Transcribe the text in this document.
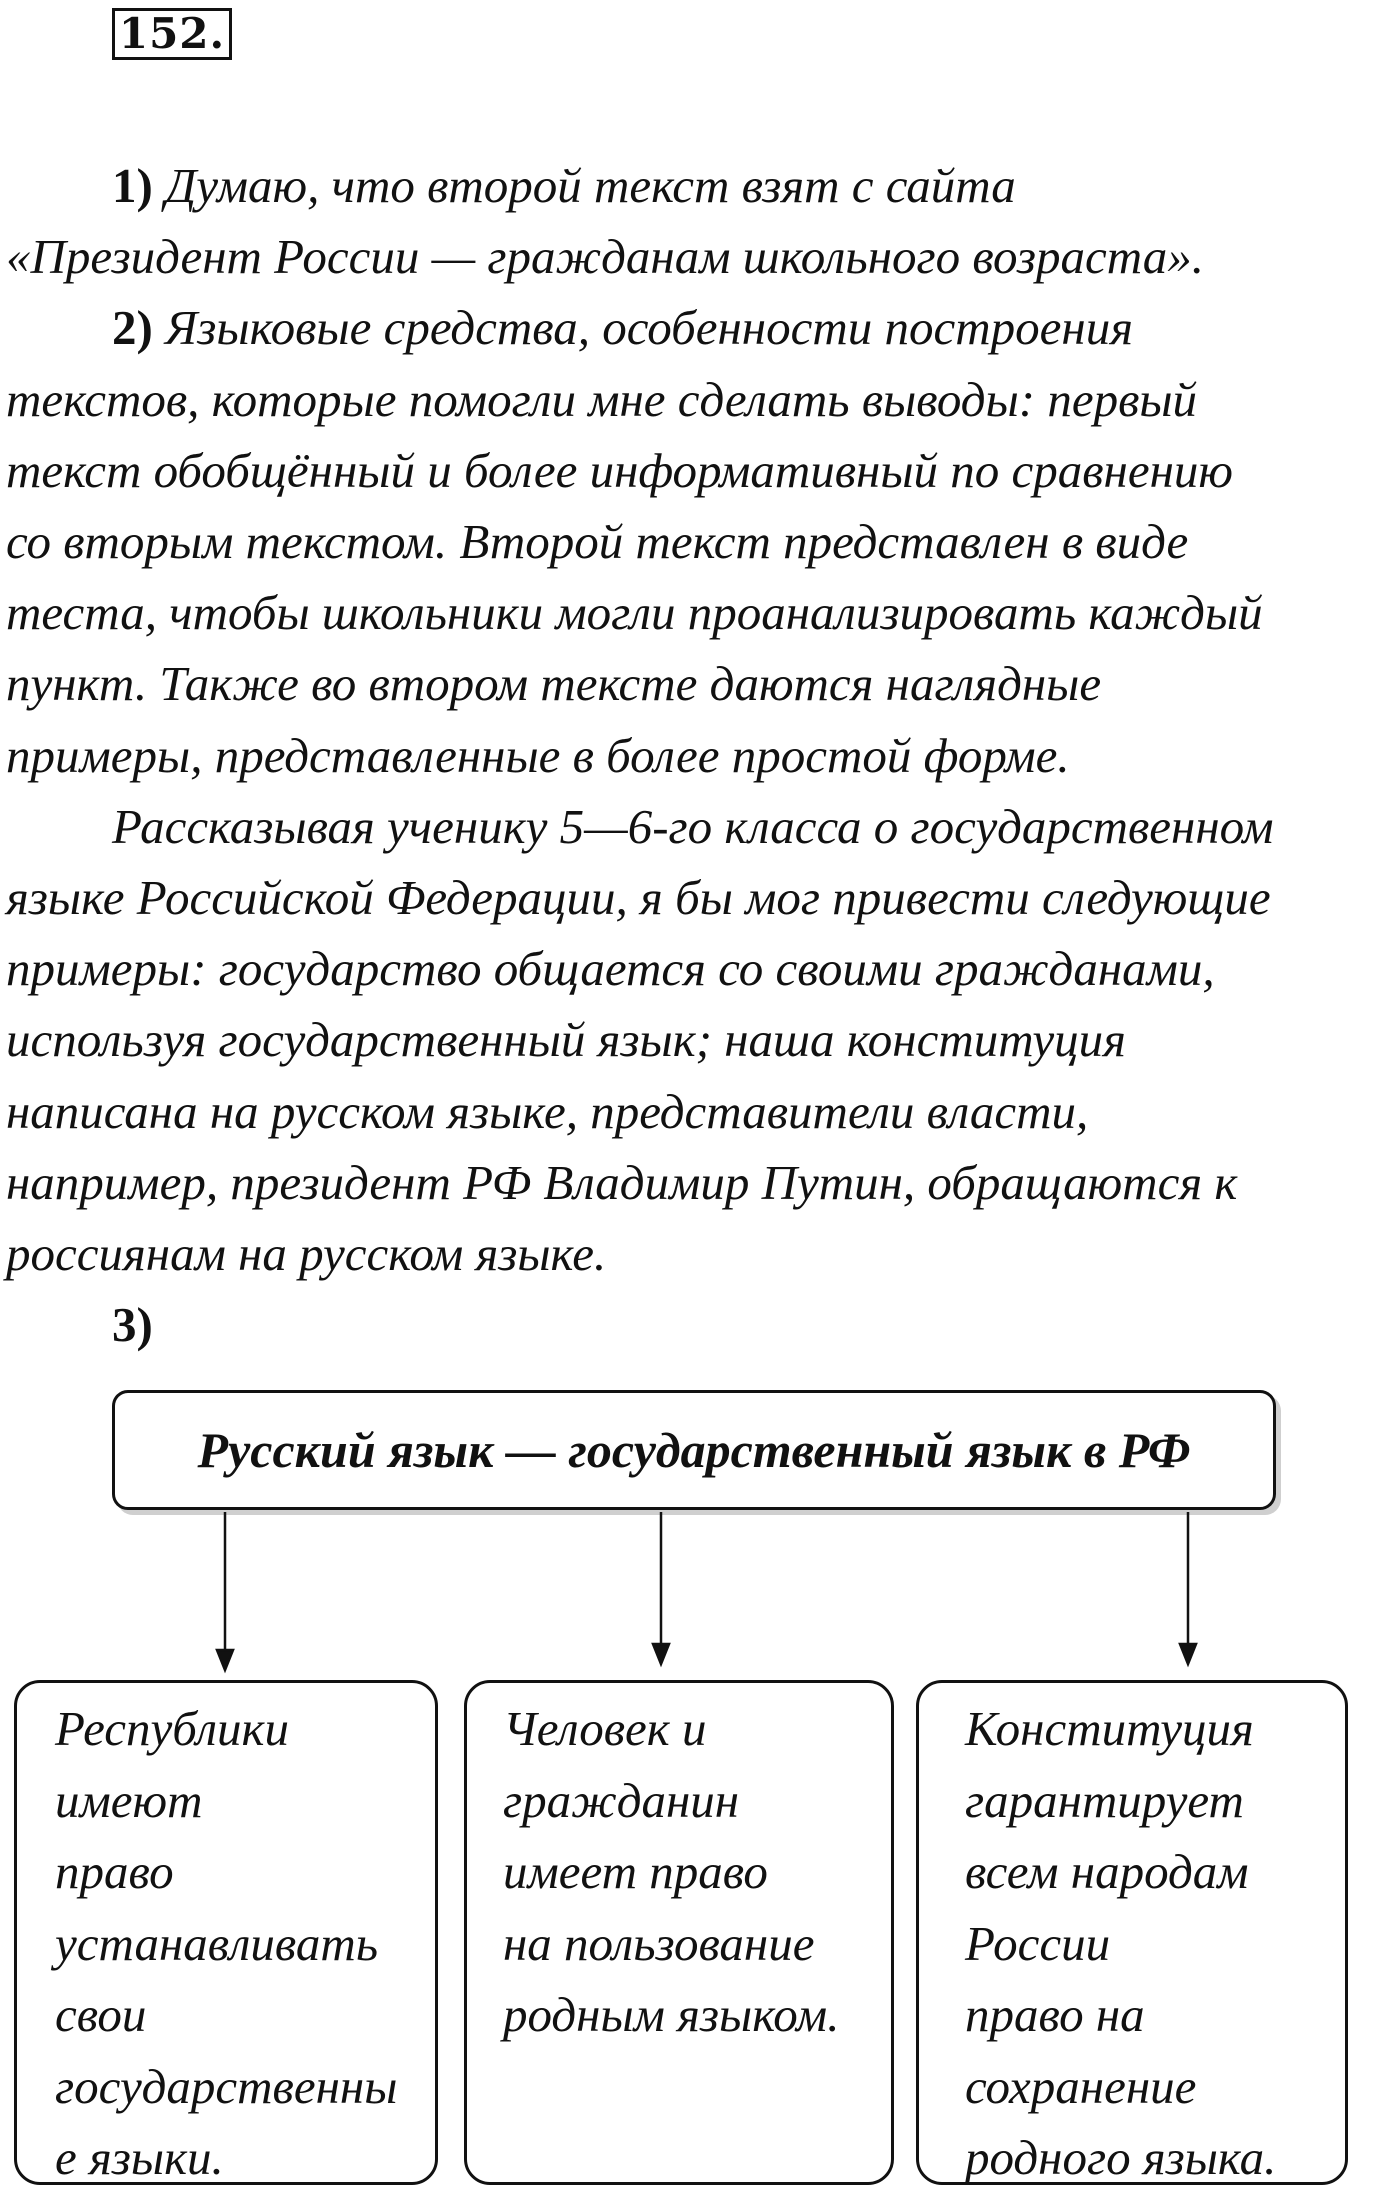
152.

1) Думаю, что второй текст взят с сайта
«Президент России — гражданам школьного возраста».

2) Языковые средства, особенности построения
текстов, которые помогли мне сделать выводы: первый
текст обобщённый и более информативный по сравнению
со вторым текстом. Второй текст представлен в виде
теста, чтобы школьники могли проанализировать каждый
пункт. Также во втором тексте даются наглядные
примеры, представленные в более простой форме.

Рассказывая ученику 5—6-го класса о государственном
языке Российской Федерации, я бы мог привести следующие
примеры: государство общается со своими гражданами,
используя государственный язык; наша конституция
написана на русском языке, представители власти,
например, президент РФ Владимир Путин, обращаются к
россиянам на русском языке.

3)

Русский язык — государственный язык в РФ
Республики
имеют
право
устанавливать
свои
государственны
е языки.
Человек и
гражданин
имеет право
на пользование
родным языком.
Конституция
гарантирует
всем народам
России
право на
сохранение
родного языка.
